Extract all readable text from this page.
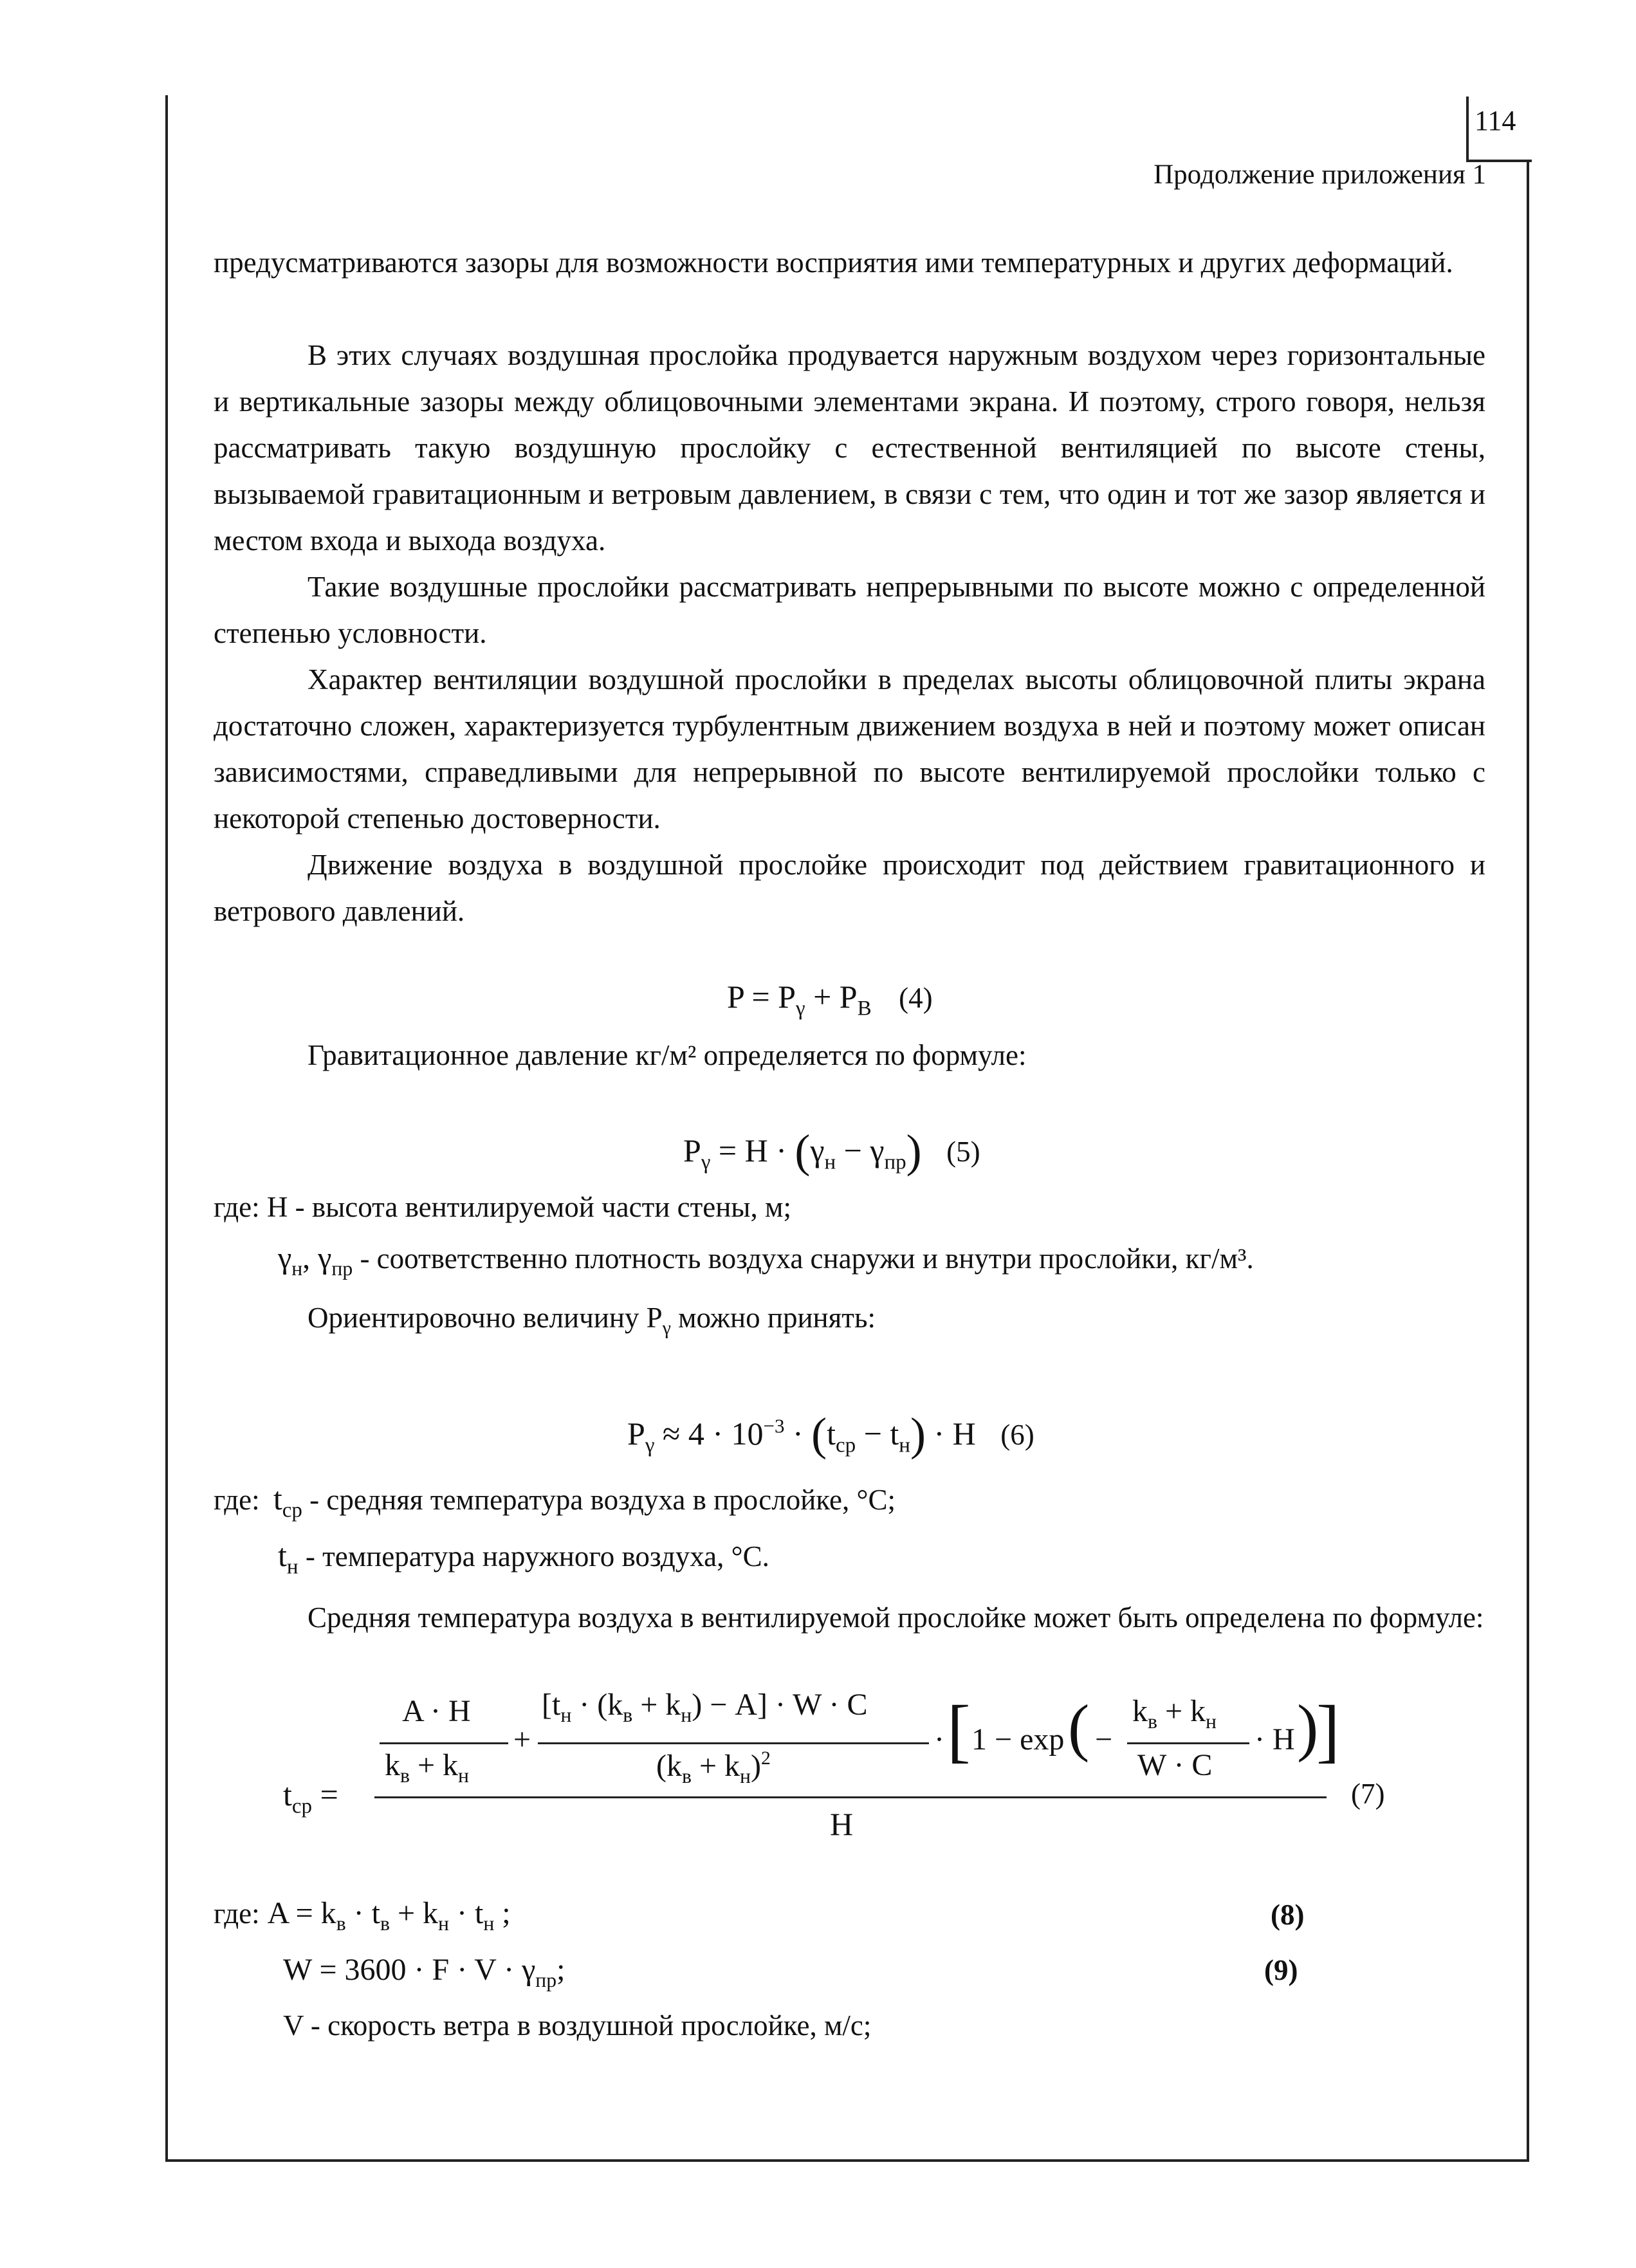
114
Продолжение приложения 1
предусматриваются зазоры для возможности восприятия ими температурных и других деформаций.
В этих случаях воздушная прослойка продувается наружным воздухом через горизонтальные и вертикальные зазоры между облицовочными элементами экрана. И поэтому, строго говоря, нельзя рассматривать такую воздушную прослойку с естественной вентиляцией по высоте стены, вызываемой гравитационным и ветровым давлением, в связи с тем, что один и тот же зазор является и местом входа и выхода воздуха.
Такие воздушные прослойки рассматривать непрерывными по высоте можно с определенной степенью условности.
Характер вентиляции воздушной прослойки в пределах высоты облицовочной плиты экрана достаточно сложен, характеризуется турбулентным движением воздуха в ней и поэтому может описан зависимостями, справедливыми для непрерывной по высоте вентилируемой прослойки только с некоторой степенью достоверности.
Движение воздуха в воздушной прослойке происходит под действием гравитационного и ветрового давлений.
$P = P_\gamma + P_B$ (4)
Гравитационное давление кг/м² определяется по формуле:
$P_\gamma = H \cdot (\gamma_н - \gamma_{пр})$ (5)
где: H - высота вентилируемой части стены, м;
$\gamma_н$, $\gamma_{пр}$ - соответственно плотность воздуха снаружи и внутри прослойки, кг/м³.
Ориентировочно величину $P_\gamma$ можно принять:
$P_\gamma \approx 4 \cdot 10^{-3} \cdot (t_{cp} - t_н) \cdot H$ (6)
где: $t_{cp}$ - средняя температура воздуха в прослойке, °С;
$t_н$ - температура наружного воздуха, °С.
Средняя температура воздуха в вентилируемой прослойке может быть определена по формуле:
$t_{cp}$ =
A · H
$k_в + k_н$
+
$[t_н \cdot (k_в + k_н) - A] \cdot W \cdot C$
$(k_в + k_н)^2$
· [ 1 − exp ( −
$k_в + k_н$
W · C
· H )
]
H
(7)
где: $A = k_в \cdot t_в + k_н \cdot t_н$ ;	(8)
$W = 3600 \cdot F \cdot V \cdot \gamma_{пр}$;	(9)
V - скорость ветра в воздушной прослойке, м/с;
